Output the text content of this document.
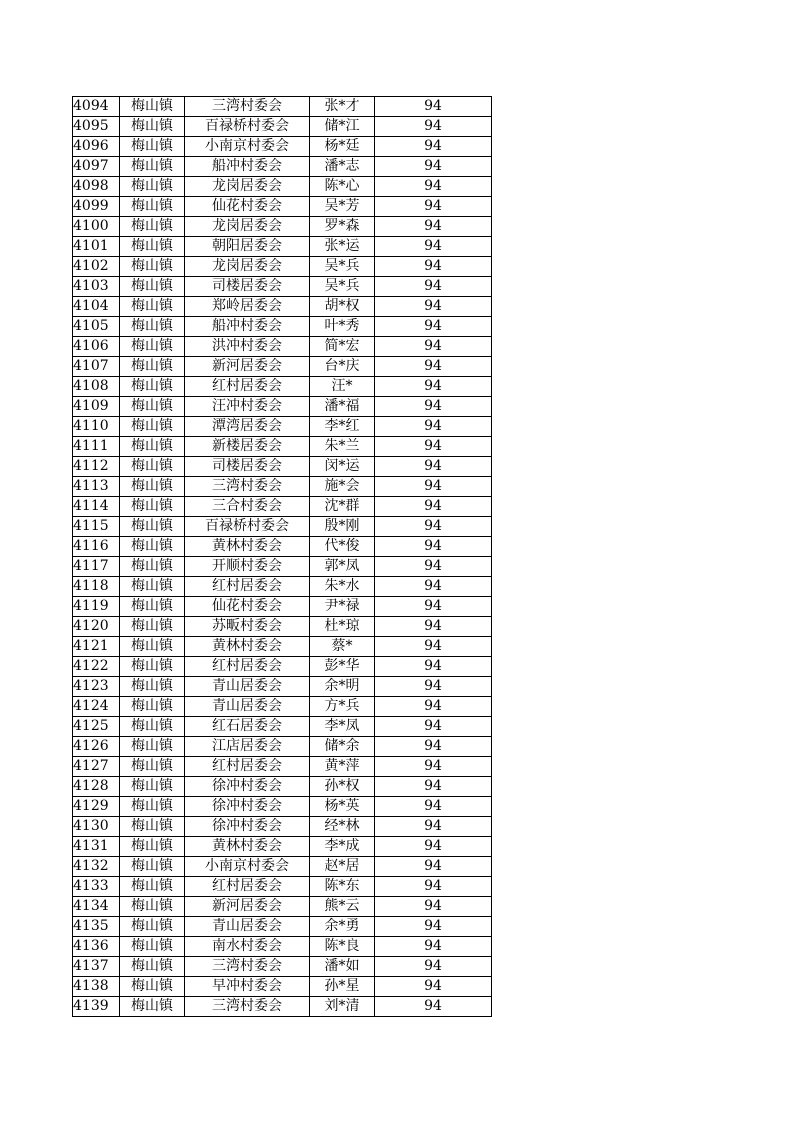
4094	梅山镇	三湾村委会	张*才	94
4095	梅山镇	百禄桥村委会	储*江	94
4096	梅山镇	小南京村委会	杨*廷	94
4097	梅山镇	船冲村委会	潘*志	94
4098	梅山镇	龙岗居委会	陈*心	94
4099	梅山镇	仙花村委会	吴*芳	94
4100	梅山镇	龙岗居委会	罗*森	94
4101	梅山镇	朝阳居委会	张*运	94
4102	梅山镇	龙岗居委会	吴*兵	94
4103	梅山镇	司楼居委会	吴*兵	94
4104	梅山镇	郑岭居委会	胡*权	94
4105	梅山镇	船冲村委会	叶*秀	94
4106	梅山镇	洪冲村委会	简*宏	94
4107	梅山镇	新河居委会	台*庆	94
4108	梅山镇	红村居委会	汪*	94
4109	梅山镇	汪冲村委会	潘*福	94
4110	梅山镇	潭湾居委会	李*红	94
4111	梅山镇	新楼居委会	朱*兰	94
4112	梅山镇	司楼居委会	闵*运	94
4113	梅山镇	三湾村委会	施*会	94
4114	梅山镇	三合村委会	沈*群	94
4115	梅山镇	百禄桥村委会	殷*刚	94
4116	梅山镇	黄林村委会	代*俊	94
4117	梅山镇	开顺村委会	郭*凤	94
4118	梅山镇	红村居委会	朱*水	94
4119	梅山镇	仙花村委会	尹*禄	94
4120	梅山镇	苏畈村委会	杜*琼	94
4121	梅山镇	黄林村委会	蔡*	94
4122	梅山镇	红村居委会	彭*华	94
4123	梅山镇	青山居委会	余*明	94
4124	梅山镇	青山居委会	方*兵	94
4125	梅山镇	红石居委会	李*凤	94
4126	梅山镇	江店居委会	储*余	94
4127	梅山镇	红村居委会	黄*萍	94
4128	梅山镇	徐冲村委会	孙*权	94
4129	梅山镇	徐冲村委会	杨*英	94
4130	梅山镇	徐冲村委会	经*林	94
4131	梅山镇	黄林村委会	李*成	94
4132	梅山镇	小南京村委会	赵*居	94
4133	梅山镇	红村居委会	陈*东	94
4134	梅山镇	新河居委会	熊*云	94
4135	梅山镇	青山居委会	余*勇	94
4136	梅山镇	南水村委会	陈*良	94
4137	梅山镇	三湾村委会	潘*如	94
4138	梅山镇	早冲村委会	孙*星	94
4139	梅山镇	三湾村委会	刘*清	94
